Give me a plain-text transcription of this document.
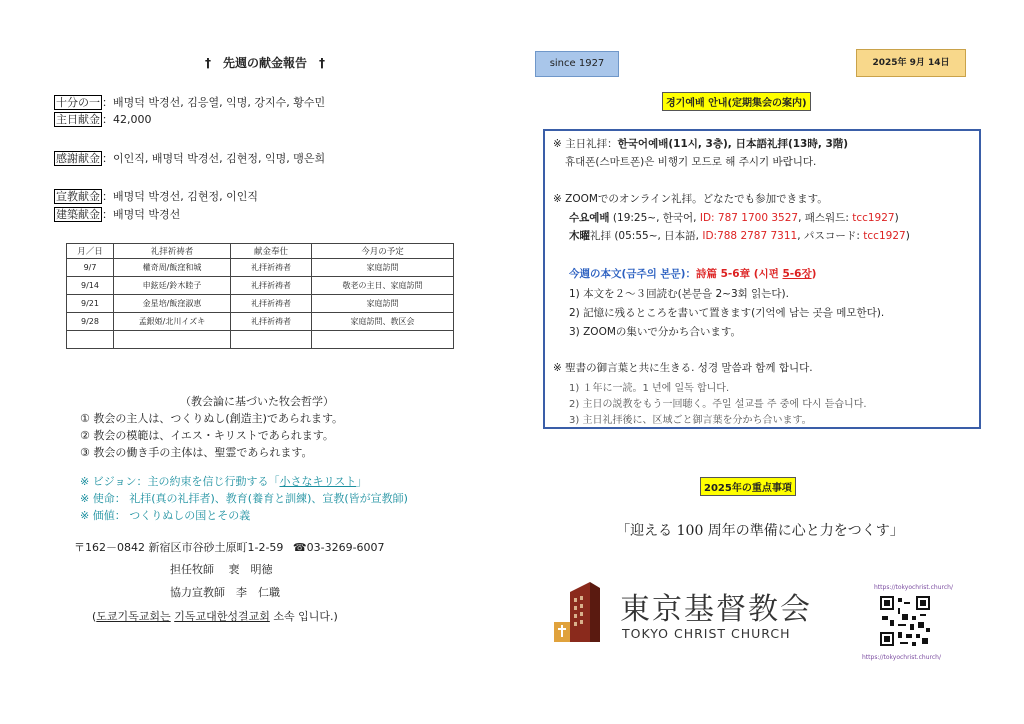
†　先週の献金報告　†
十分の一 ：배명덕 박경선, 김응열, 익명, 강지수, 황수민
主日献金 ：42,000
感謝献金 ：이인직, 배명덕 박경선, 김현정, 익명, 맹은희
宣教献金 ：배명덕 박경선, 김현정, 이인직
建築献金 ：배명덕 박경선
月／日	礼拝祈祷者	献金奉仕	今月の予定
9/7	權奇周/飯窪和城	礼拝祈祷者	家庭訪問
9/14	申鉉廷/鈴木睦子	礼拝祈祷者	敬老の主日、家庭訪問
9/21	金星培/飯窪淑恵	礼拝祈祷者	家庭訪問
9/28	孟銀姫/北川イズキ	礼拝祈祷者	家庭訪問、教区会

（教会論に基づいた牧会哲学）
① 教会の主人は、つくりぬし(創造主)であられます。
② 教会の模範は、イエス・キリストであられます。
③ 教会の働き手の主体は、聖霊であられます。
※ ビジョン：主の約束を信じ行動する「小さなキリスト」
※ 使命： 礼拝(真の礼拝者)、教育(養育と訓練)、宣教(皆が宣教師)
※ 価値： つくりぬしの国とその義
〒162－0842 新宿区市谷砂土原町1-2-59 ☎03-3269-6007
担任牧師　 裵　明徳
協力宣教師　李　仁職
(도쿄기독교회는 기독교대한성결교회 소속 입니다.)
since 1927	2025年 9月 14日
경기예배 안내(定期集会の案内)
※ 主日礼拝：한국어예배(11시, 3층), 日本語礼拝(13時, 3階)
휴대폰(스마트폰)은 비행기 모드로 해 주시기 바랍니다.
※ ZOOMでのオンライン礼拝。どなたでも参加できます。
수요예배 (19:25~, 한국어, ID: 787 1700 3527, 패스워드: tcc1927)
木曜礼拝 (05:55~, 日本語, ID:788 2787 7311, パスコード: tcc1927)
今週の本文(금주의 본문)：詩篇 5-6章 (시편 5-6장)
1) 本文を２～３回読む(본문을 2~3회 읽는다).
2) 記憶に残るところを書いて置きます(기억에 남는 곳을 메모한다).
3) ZOOMの集いで分かち合います。
※ 聖書の御言葉と共に生きる. 성경 말씀과 함께 합니다.
1) １年に一読。1 년에 일독 합니다.
2) 主日の説教をもう一回聴く。주일 설교를 주 중에 다시 듣습니다.
3) 主日礼拝後に、区域ごと御言葉を分かち合います。
2025年の重点事項
「迎える 100 周年の準備に心と力をつくす」
東京基督教会
TOKYO CHRIST CHURCH
https://tokyochrist.church/
https://tokyochrist.church/
